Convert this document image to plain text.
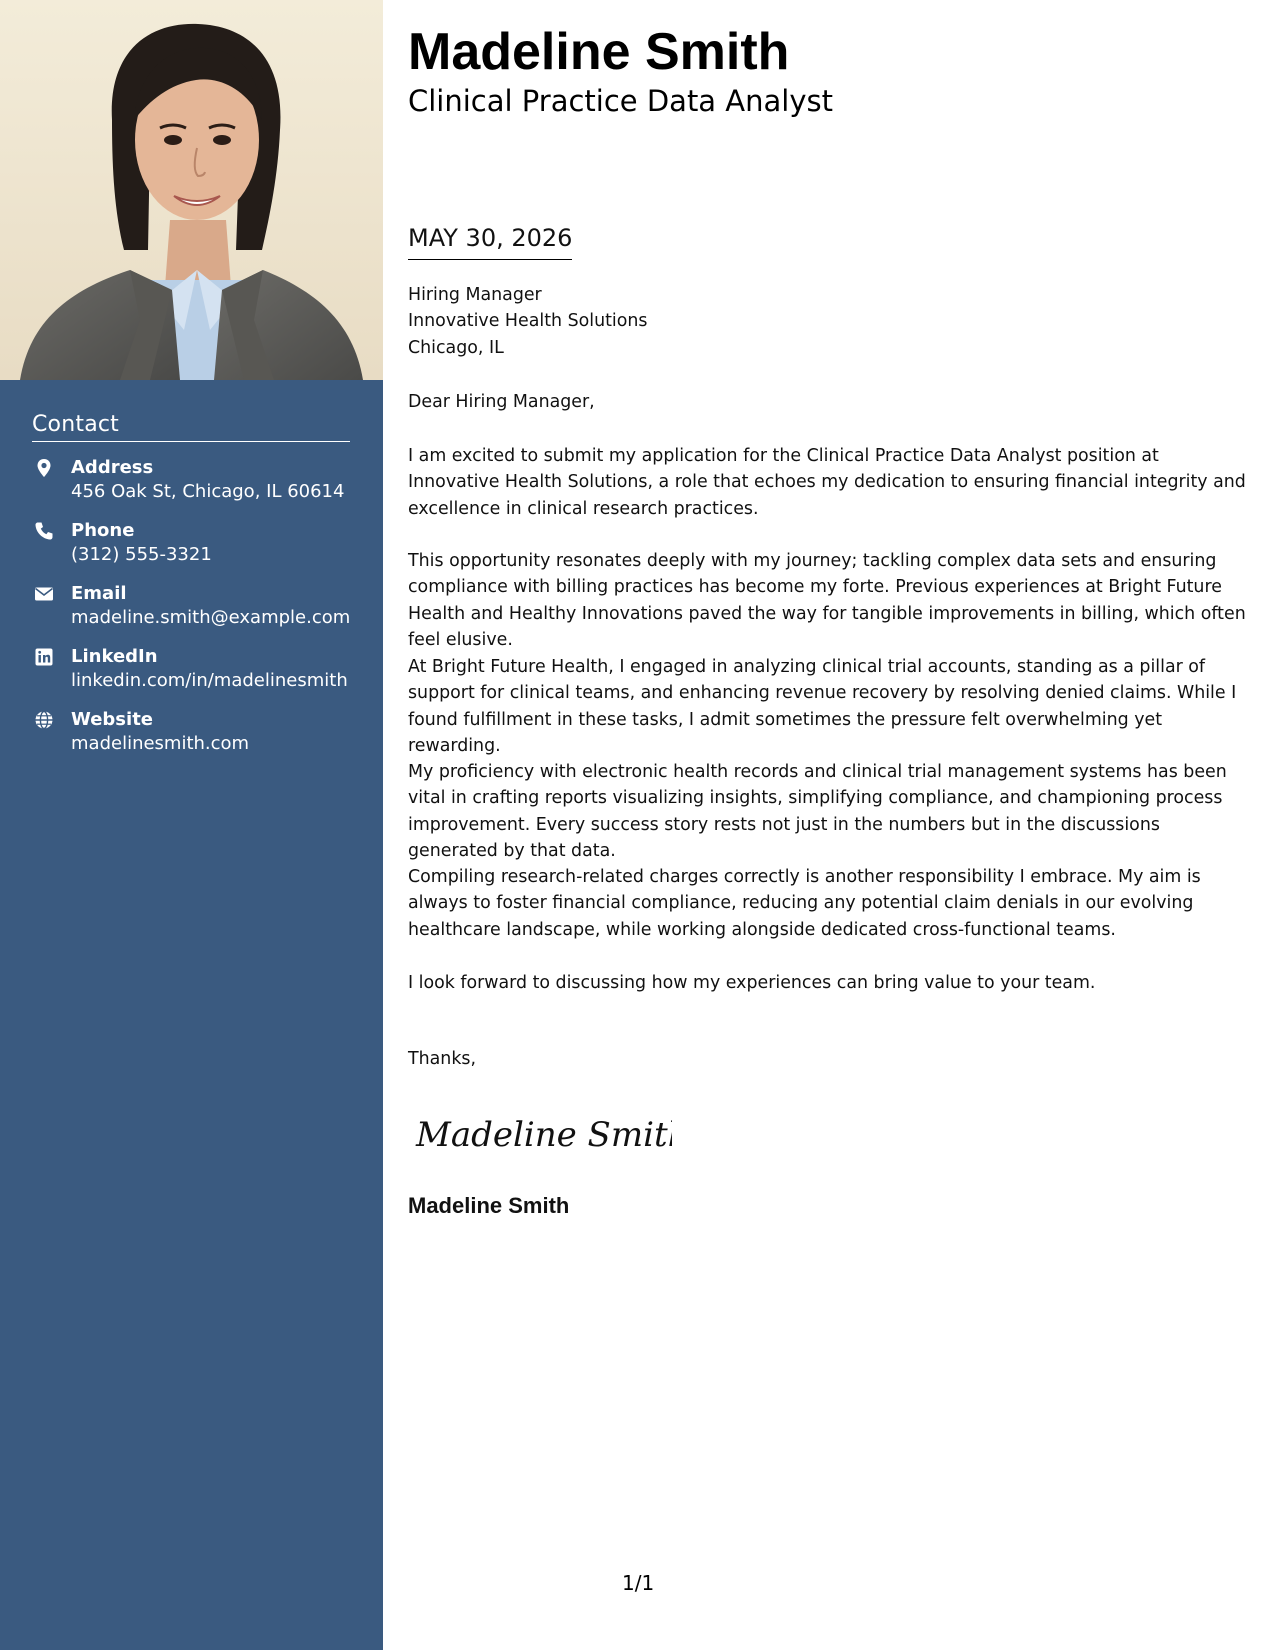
Contact
Address
456 Oak St, Chicago, IL 60614
Phone
(312) 555-3321
Email
madeline.smith@example.com
LinkedIn
linkedin.com/in/madelinesmith
Website
madelinesmith.com
Madeline Smith
Clinical Practice Data Analyst
MAY 30, 2026
Hiring Manager
Innovative Health Solutions
Chicago, IL
Dear Hiring Manager,
I am excited to submit my application for the Clinical Practice Data Analyst position at Innovative Health Solutions, a role that echoes my dedication to ensuring financial integrity and excellence in clinical research practices.
This opportunity resonates deeply with my journey; tackling complex data sets and ensuring compliance with billing practices has become my forte. Previous experiences at Bright Future Health and Healthy Innovations paved the way for tangible improvements in billing, which often feel elusive.
At Bright Future Health, I engaged in analyzing clinical trial accounts, standing as a pillar of support for clinical teams, and enhancing revenue recovery by resolving denied claims. While I found fulfillment in these tasks, I admit sometimes the pressure felt overwhelming yet rewarding.
My proficiency with electronic health records and clinical trial management systems has been vital in crafting reports visualizing insights, simplifying compliance, and championing process improvement. Every success story rests not just in the numbers but in the discussions generated by that data.
Compiling research-related charges correctly is another responsibility I embrace. My aim is always to foster financial compliance, reducing any potential claim denials in our evolving healthcare landscape, while working alongside dedicated cross-functional teams.
I look forward to discussing how my experiences can bring value to your team.
Thanks,
Madeline Smith
Madeline Smith
1/1
